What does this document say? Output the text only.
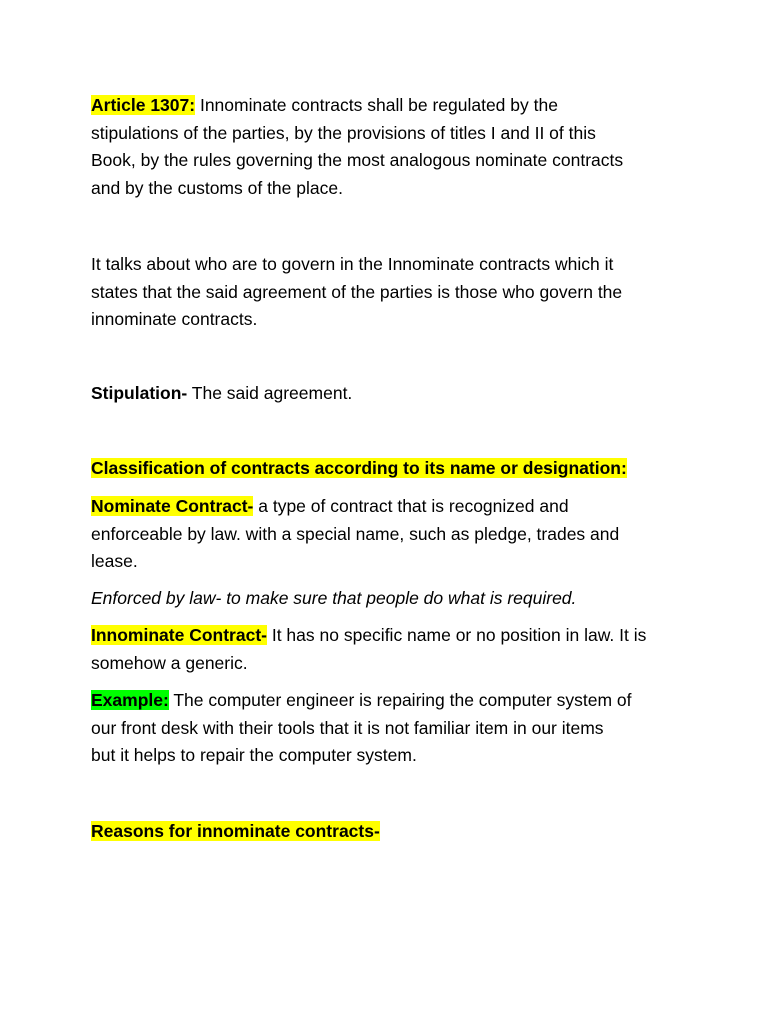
Article 1307: Innominate contracts shall be regulated by the
stipulations of the parties, by the provisions of titles I and II of this
Book, by the rules governing the most analogous nominate contracts
and by the customs of the place.
It talks about who are to govern in the Innominate contracts which it
states that the said agreement of the parties is those who govern the
innominate contracts.
Stipulation- The said agreement.
Classification of contracts according to its name or designation:
Nominate Contract- a type of contract that is recognized and
enforceable by law. with a special name, such as pledge, trades and
lease.
Enforced by law- to make sure that people do what is required.
Innominate Contract- It has no specific name or no position in law. It is
somehow a generic.
Example: The computer engineer is repairing the computer system of
our front desk with their tools that it is not familiar item in our items
but it helps to repair the computer system.
Reasons for innominate contracts-
